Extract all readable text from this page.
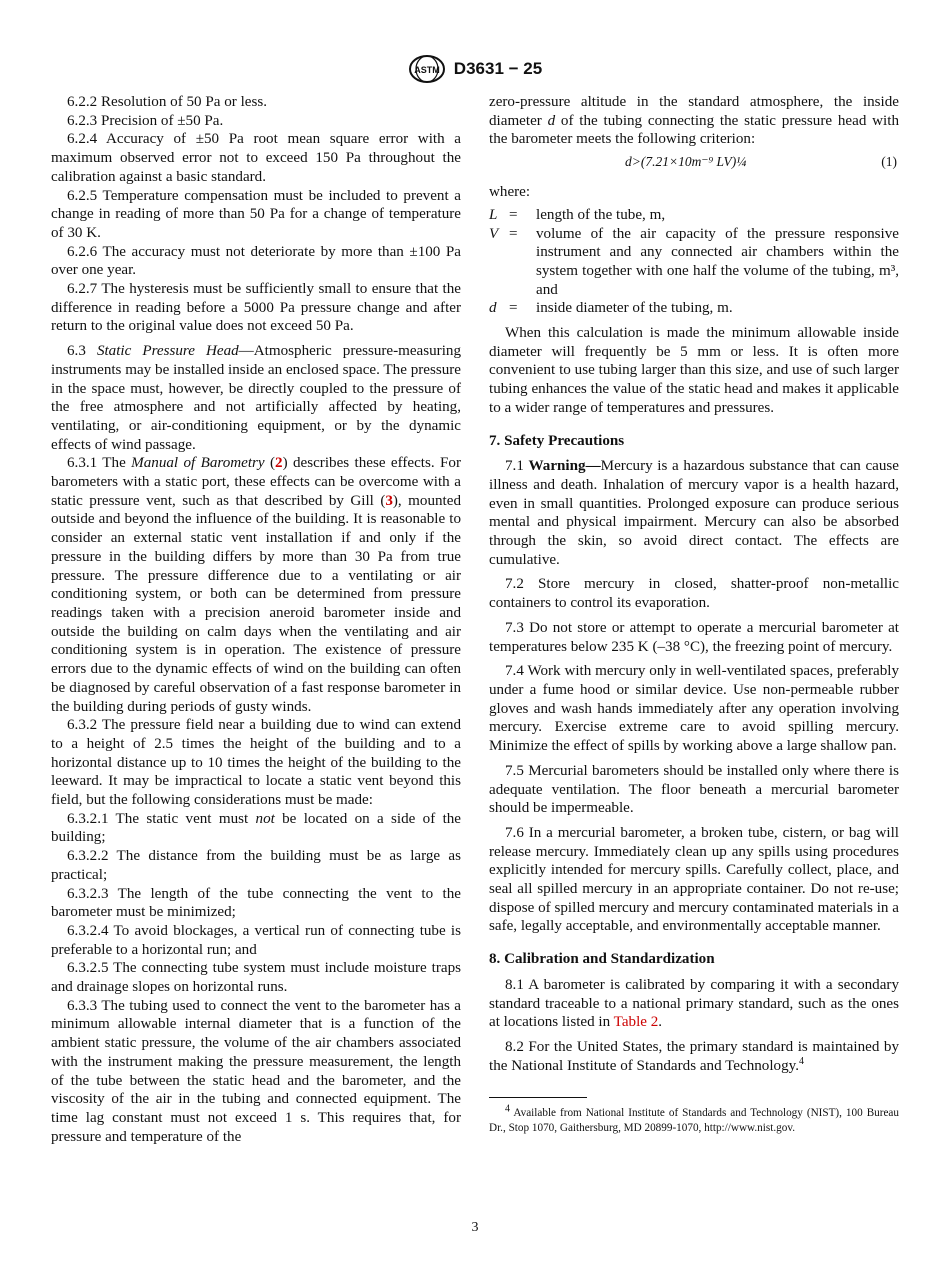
ASTM D3631 − 25

6.2.2 Resolution of 50 Pa or less.

6.2.3 Precision of ±50 Pa.

6.2.4 Accuracy of ±50 Pa root mean square error with a maximum observed error not to exceed 150 Pa throughout the calibration against a basic standard.

6.2.5 Temperature compensation must be included to prevent a change in reading of more than 50 Pa for a change of temperature of 30 K.

6.2.6 The accuracy must not deteriorate by more than ±100 Pa over one year.

6.2.7 The hysteresis must be sufficiently small to ensure that the difference in reading before a 5000 Pa pressure change and after return to the original value does not exceed 50 Pa.

6.3 Static Pressure Head—Atmospheric pressure-measuring instruments may be installed inside an enclosed space. The pressure in the space must, however, be directly coupled to the pressure of the free atmosphere and not artificially affected by heating, ventilating, or air-conditioning equipment, or by the dynamic effects of wind passage.

6.3.1 The Manual of Barometry (2) describes these effects. For barometers with a static port, these effects can be overcome with a static pressure vent, such as that described by Gill (3), mounted outside and beyond the influence of the building. It is reasonable to consider an external static vent installation if and only if the pressure in the building differs by more than 30 Pa from true pressure. The pressure difference due to a ventilating or air conditioning system, or both can be determined from pressure readings taken with a precision aneroid barometer inside and outside the building on calm days when the ventilating and air conditioning system is in operation. The existence of pressure errors due to the dynamic effects of wind on the building can often be diagnosed by careful observation of a fast response barometer in the building during periods of gusty winds.

6.3.2 The pressure field near a building due to wind can extend to a height of 2.5 times the height of the building and to a horizontal distance up to 10 times the height of the building to the leeward. It may be impractical to locate a static vent beyond this field, but the following considerations must be made:

6.3.2.1 The static vent must not be located on a side of the building;

6.3.2.2 The distance from the building must be as large as practical;

6.3.2.3 The length of the tube connecting the vent to the barometer must be minimized;

6.3.2.4 To avoid blockages, a vertical run of connecting tube is preferable to a horizontal run; and

6.3.2.5 The connecting tube system must include moisture traps and drainage slopes on horizontal runs.

6.3.3 The tubing used to connect the vent to the barometer has a minimum allowable internal diameter that is a function of the ambient static pressure, the volume of the air chambers associated with the instrument making the pressure measurement, the length of the tube between the static head and the barometer, and the viscosity of the air in the tubing and connected equipment. The time lag constant must not exceed 1 s. This requires that, for pressure and temperature of the

zero-pressure altitude in the standard atmosphere, the inside diameter d of the tubing connecting the static pressure head with the barometer meets the following criterion:

d>(7.21×10m⁻⁹ LV)¼	(1)

where:

L =	length of the tube, m,
V =	volume of the air capacity of the pressure responsive instrument and any connected air chambers within the system together with one half the volume of the tubing, m³, and
d =	inside diameter of the tubing, m.

When this calculation is made the minimum allowable inside diameter will frequently be 5 mm or less. It is often more convenient to use tubing larger than this size, and use of such larger tubing enhances the value of the static head and makes it applicable to a wider range of temperatures and pressures.

7. Safety Precautions

7.1 Warning—Mercury is a hazardous substance that can cause illness and death. Inhalation of mercury vapor is a health hazard, even in small quantities. Prolonged exposure can produce serious mental and physical impairment. Mercury can also be absorbed through the skin, so avoid direct contact. The effects are cumulative.

7.2 Store mercury in closed, shatter-proof non-metallic containers to control its evaporation.

7.3 Do not store or attempt to operate a mercurial barometer at temperatures below 235 K (–38 °C), the freezing point of mercury.

7.4 Work with mercury only in well-ventilated spaces, preferably under a fume hood or similar device. Use non-permeable rubber gloves and wash hands immediately after any operation involving mercury. Exercise extreme care to avoid spilling mercury. Minimize the effect of spills by working above a large shallow pan.

7.5 Mercurial barometers should be installed only where there is adequate ventilation. The floor beneath a mercurial barometer should be impermeable.

7.6 In a mercurial barometer, a broken tube, cistern, or bag will release mercury. Immediately clean up any spills using procedures explicitly intended for mercury spills. Carefully collect, place, and seal all spilled mercury in an appropriate container. Do not re-use; dispose of spilled mercury and mercury contaminated materials in a safe, legally acceptable, and environmentally acceptable manner.

8. Calibration and Standardization

8.1 A barometer is calibrated by comparing it with a secondary standard traceable to a national primary standard, such as the ones at locations listed in Table 2.

8.2 For the United States, the primary standard is maintained by the National Institute of Standards and Technology.$^4$

$^4$ Available from National Institute of Standards and Technology (NIST), 100 Bureau Dr., Stop 1070, Gaithersburg, MD 20899-1070, http://www.nist.gov.

3
